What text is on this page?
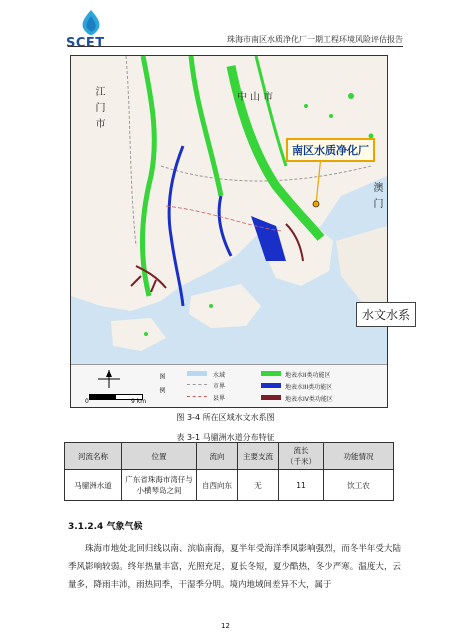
SCET	珠海市南区水质净化厂一期工程环境风险评估报告
江门市	中山市
澳门
南区水质净化厂
水文水系
0	9 km
图例	水域
市界
县界
地表水II类功能区
地表水III类功能区
地表水IV类功能区
图 3-4 所在区域水文水系图
表 3-1 马骝洲水道分布特征
河流名称	位置	流向	主要支流	流长
（千米）	功能情况
马骝洲水道	广东省珠海市湾仔与小横琴岛之间	自西向东	无	11	饮工农
3.1.2.4 气象气候

珠海市地处北回归线以南、滨临南海，夏半年受海洋季风影响强烈，而冬半年受大陆季风影响较弱。终年热量丰富，光照充足，夏长冬短，夏少酷热，冬少严寒。温度大，云量多，降雨丰沛，雨热同季，干湿季分明。境内地域间差异不大，属于

12
